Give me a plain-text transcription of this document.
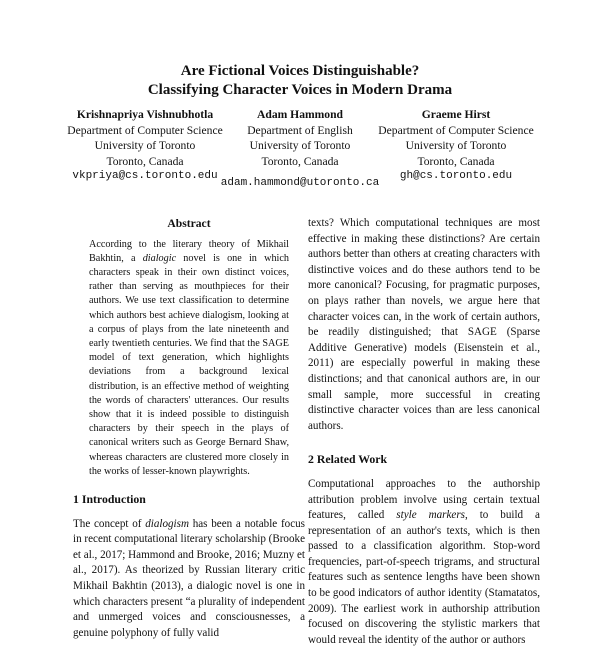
Are Fictional Voices Distinguishable?
Classifying Character Voices in Modern Drama
Krishnapriya Vishnubhotla
Department of Computer Science
University of Toronto
Toronto, Canada
vkpriya@cs.toronto.edu
Adam Hammond
Department of English
University of Toronto
Toronto, Canada
Graeme Hirst
Department of Computer Science
University of Toronto
Toronto, Canada
gh@cs.toronto.edu
adam.hammond@utoronto.ca
Abstract

According to the literary theory of Mikhail Bakhtin, a dialogic novel is one in which characters speak in their own distinct voices, rather than serving as mouthpieces for their authors. We use text classification to determine which authors best achieve dialogism, looking at a corpus of plays from the late nineteenth and early twentieth centuries. We find that the SAGE model of text generation, which highlights deviations from a background lexical distribution, is an effective method of weighting the words of characters' utterances. Our results show that it is indeed possible to distinguish characters by their speech in the plays of canonical writers such as George Bernard Shaw, whereas characters are clustered more closely in the works of lesser-known playwrights.

1 Introduction

The concept of dialogism has been a notable focus in recent computational literary scholarship (Brooke et al., 2017; Hammond and Brooke, 2016; Muzny et al., 2017). As theorized by Russian literary critic Mikhail Bakhtin (2013), a dialogic novel is one in which characters present “a plurality of independent and unmerged voices and consciousnesses, a genuine polyphony of fully valid

texts? Which computational techniques are most effective in making these distinctions? Are certain authors better than others at creating characters with distinctive voices and do these authors tend to be more canonical? Focusing, for pragmatic purposes, on plays rather than novels, we argue here that character voices can, in the work of certain authors, be readily distinguished; that SAGE (Sparse Additive Generative) models (Eisenstein et al., 2011) are especially powerful in making these distinctions; and that canonical authors are, in our small sample, more successful in creating distinctive character voices than are less canonical authors.

2 Related Work

Computational approaches to the authorship attribution problem involve using certain textual features, called style markers, to build a representation of an author's texts, which is then passed to a classification algorithm. Stop-word frequencies, part-of-speech trigrams, and structural features such as sentence lengths have been shown to be good indicators of author identity (Stamatatos, 2009). The earliest work in authorship attribution focused on discovering the stylistic markers that would reveal the identity of the author or authors
